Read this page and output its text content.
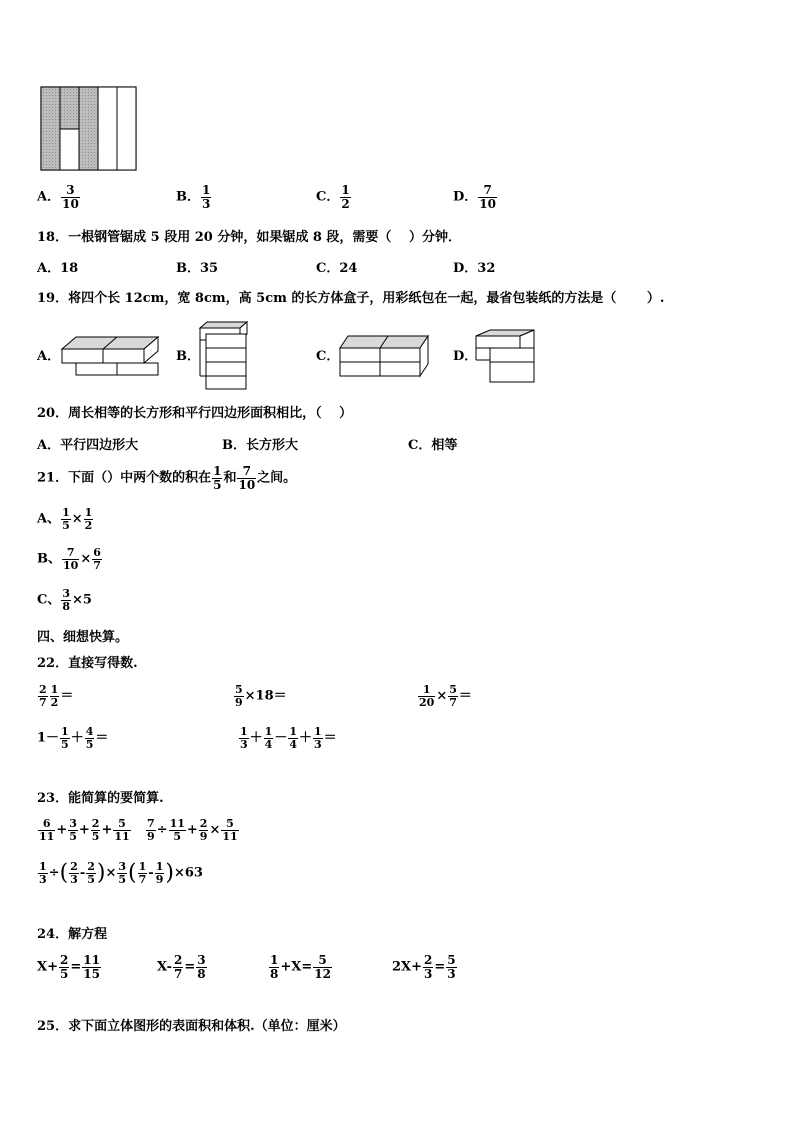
A． $\frac{3}{10}$	B． $\frac{1}{3}$	C． $\frac{1}{2}$	D． $\frac{7}{10}$
18．一根钢管锯成 5 段用 20 分钟，如果锯成 8 段，需要（　 ）分钟．
A．18	B．35	C．24	D．32
19．将四个长 12cm，宽 8cm，高 5cm 的长方体盒子，用彩纸包在一起，最省包装纸的方法是（　　 ）.
A．	B．	C．	D．
20．周长相等的长方形和平行四边形面积相比，（　 ）
A．平行四边形大	B．长方形大	C．相等
21．下面（）中两个数的积在 $\frac{1}{5}$ 和 $\frac{7}{10}$ 之间。
A、 $\frac{1}{5} \times \frac{1}{2}$
B、 $\frac{7}{10} \times \frac{6}{7}$
C、 $\frac{3}{8} \times 5$
四、细想快算。
22．直接写得数.
$\frac{2}{7} \frac{1}{2}$ ＝	$\frac{5}{9} \times 18=$	$\frac{1}{20} \times \frac{5}{7}$ ＝
$1- \frac{1}{5} + \frac{4}{5}$ ＝	$\frac{1}{3} + \frac{1}{4} - \frac{1}{4} + \frac{1}{3}$ ＝
23．能简算的要简算.
$\frac{6}{11} + \frac{3}{5} + \frac{2}{5} + \frac{5}{11} \frac{7}{9} \div \frac{11}{5} + \frac{2}{9} \times \frac{5}{11}$
$\frac{1}{3}$ ÷( $\frac{2}{3} - \frac{2}{5}$ )× $\frac{3}{5}$ ( $\frac{1}{7} - \frac{1}{9} )\times 63$
24．解方程
$X+ \frac{2}{5} = \frac{11}{15}$	$X- \frac{2}{7} = \frac{3}{8}$	$\frac{1}{8} +X= \frac{5}{12}$	$2X+ \frac{2}{3} = \frac{5}{3}$
25．求下面立体图形的表面积和体积.（单位：厘米）
